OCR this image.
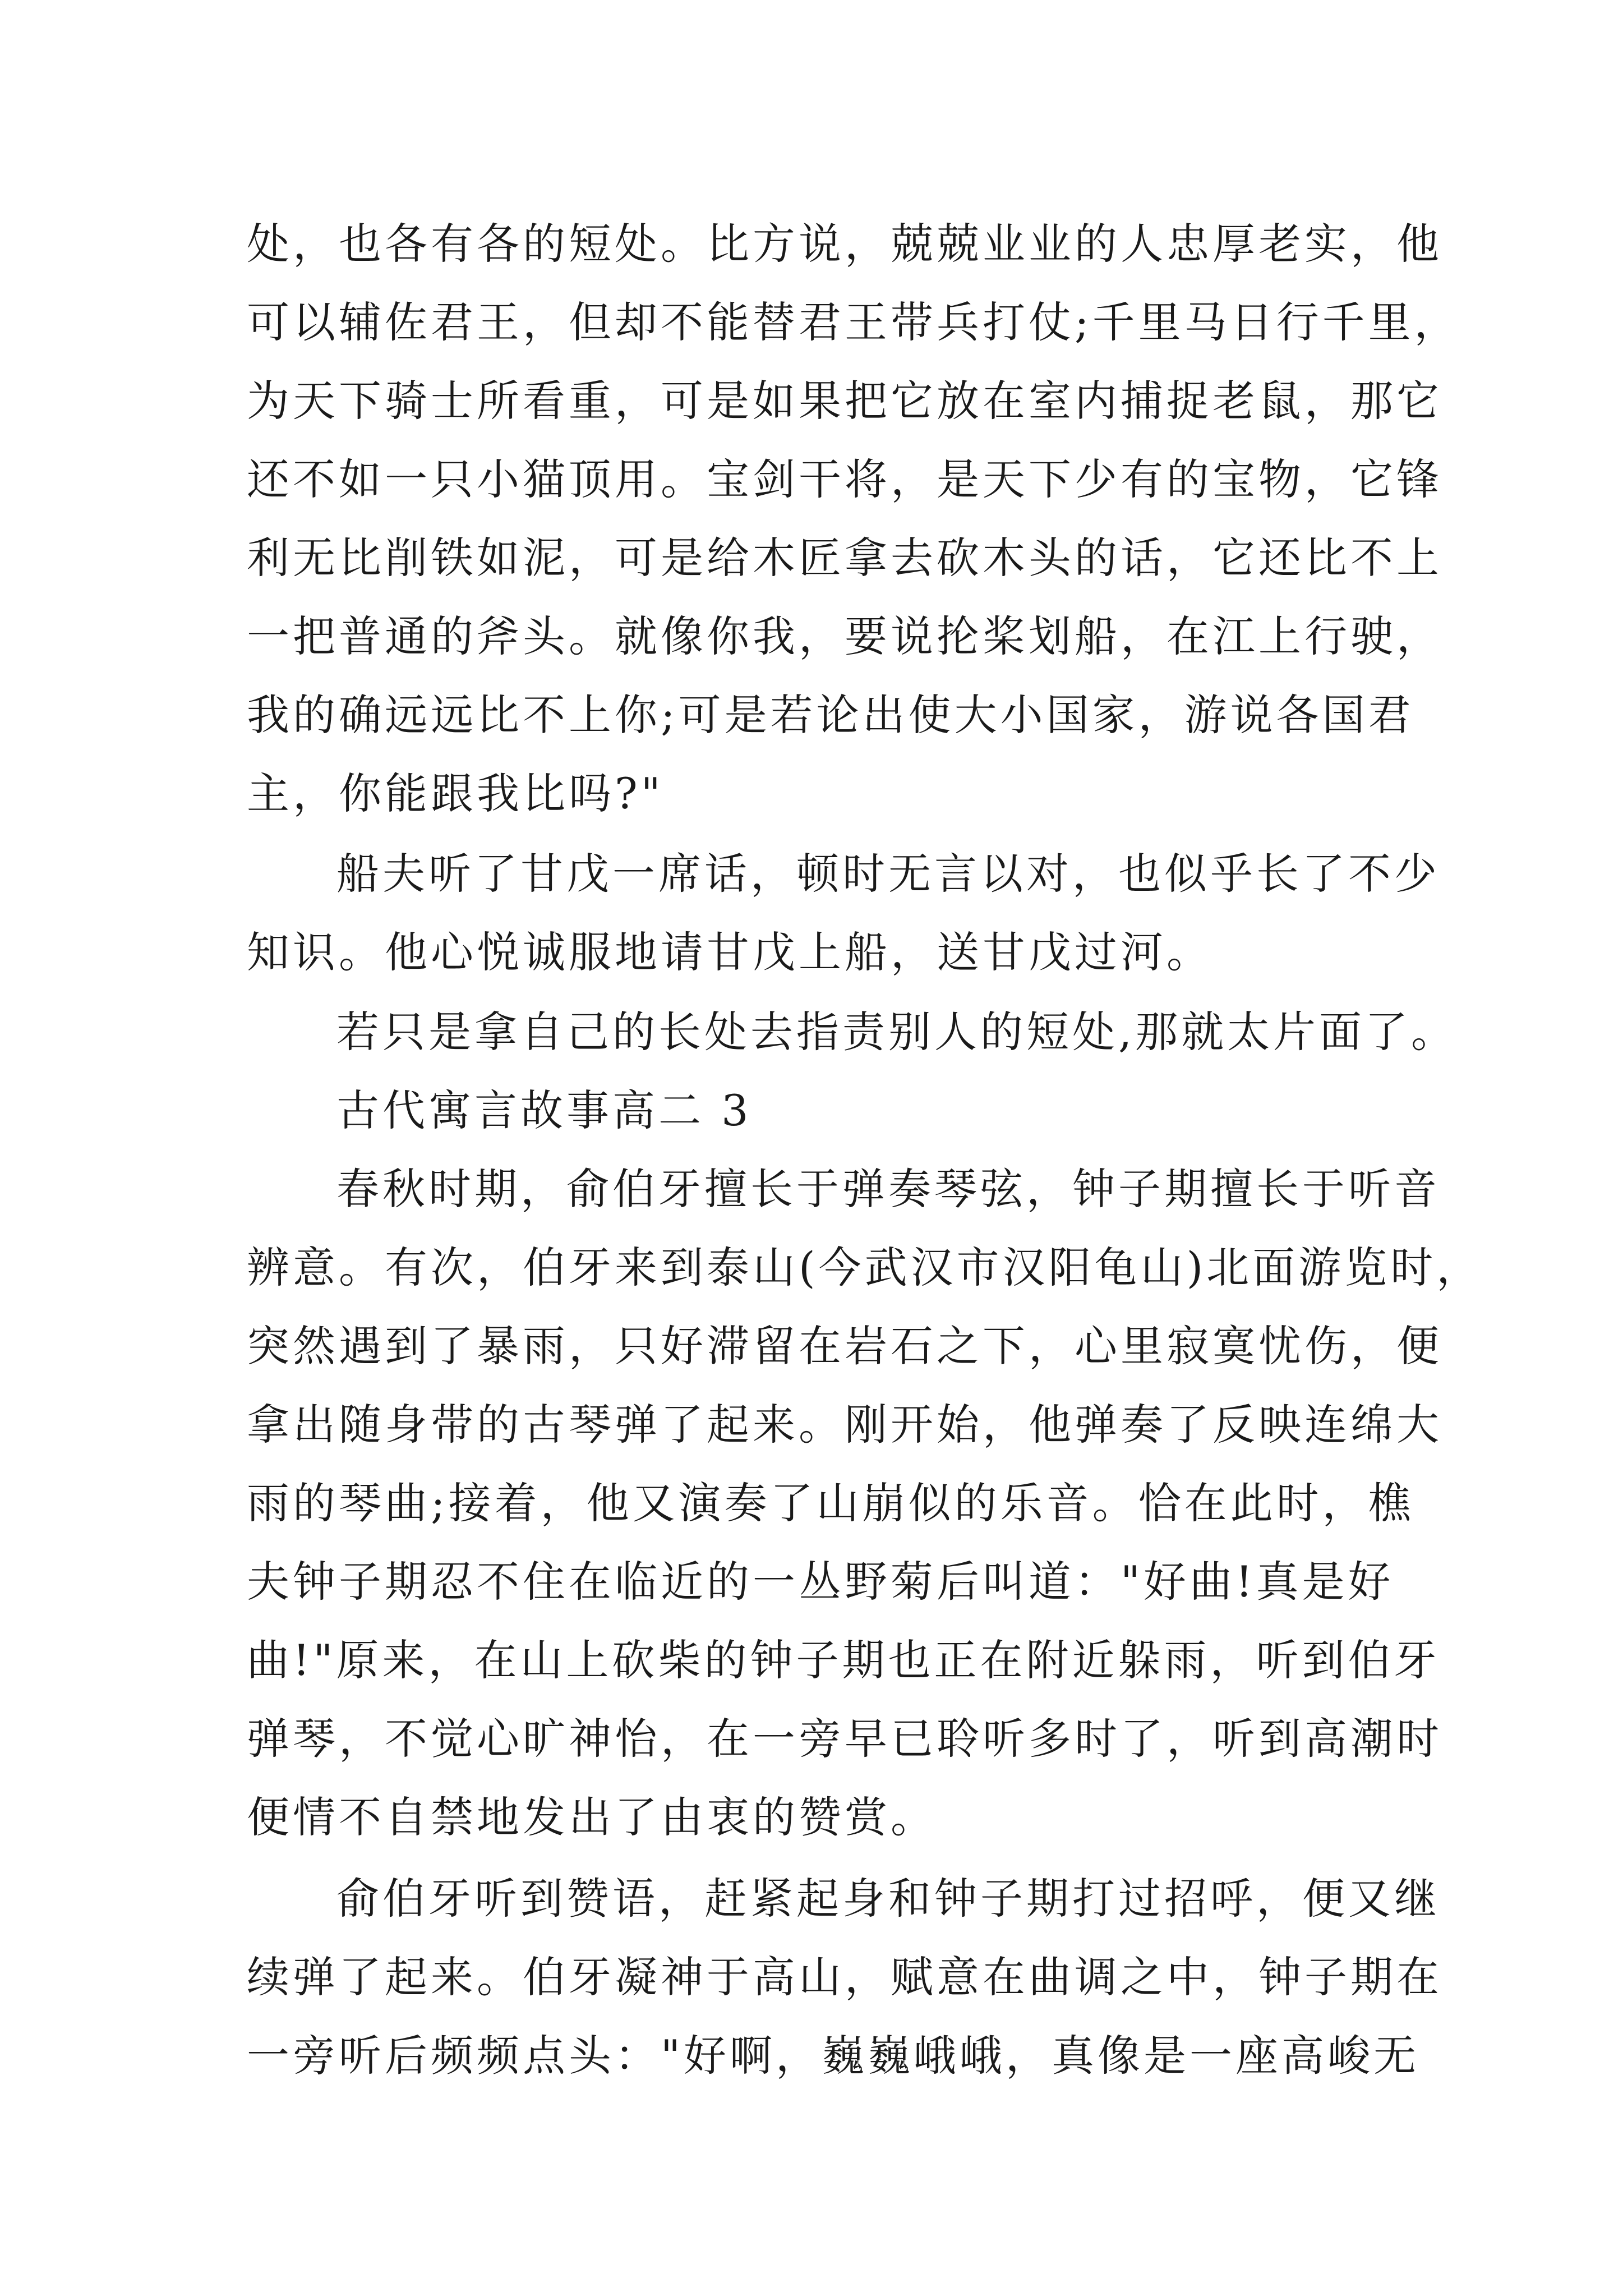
处，也各有各的短处。比方说，兢兢业业的人忠厚老实，他
可以辅佐君王，但却不能替君王带兵打仗;千里马日行千里，
为天下骑士所看重，可是如果把它放在室内捕捉老鼠，那它
还不如一只小猫顶用。宝剑干将，是天下少有的宝物，它锋
利无比削铁如泥，可是给木匠拿去砍木头的话，它还比不上
一把普通的斧头。就像你我，要说抡桨划船，在江上行驶，
我的确远远比不上你;可是若论出使大小国家，游说各国君
主，你能跟我比吗?"
船夫听了甘戊一席话，顿时无言以对，也似乎长了不少
知识。他心悦诚服地请甘戊上船，送甘戊过河。
若只是拿自己的长处去指责别人的短处,那就太片面了。
古代寓言故事高二 3
春秋时期，俞伯牙擅长于弹奏琴弦，钟子期擅长于听音
辨意。有次，伯牙来到泰山(今武汉市汉阳龟山)北面游览时，
突然遇到了暴雨，只好滞留在岩石之下，心里寂寞忧伤，便
拿出随身带的古琴弹了起来。刚开始，他弹奏了反映连绵大
雨的琴曲;接着，他又演奏了山崩似的乐音。恰在此时，樵
夫钟子期忍不住在临近的一丛野菊后叫道："好曲!真是好
曲!"原来，在山上砍柴的钟子期也正在附近躲雨，听到伯牙
弹琴，不觉心旷神怡，在一旁早已聆听多时了，听到高潮时
便情不自禁地发出了由衷的赞赏。
俞伯牙听到赞语，赶紧起身和钟子期打过招呼，便又继
续弹了起来。伯牙凝神于高山，赋意在曲调之中，钟子期在
一旁听后频频点头："好啊，巍巍峨峨，真像是一座高峻无
